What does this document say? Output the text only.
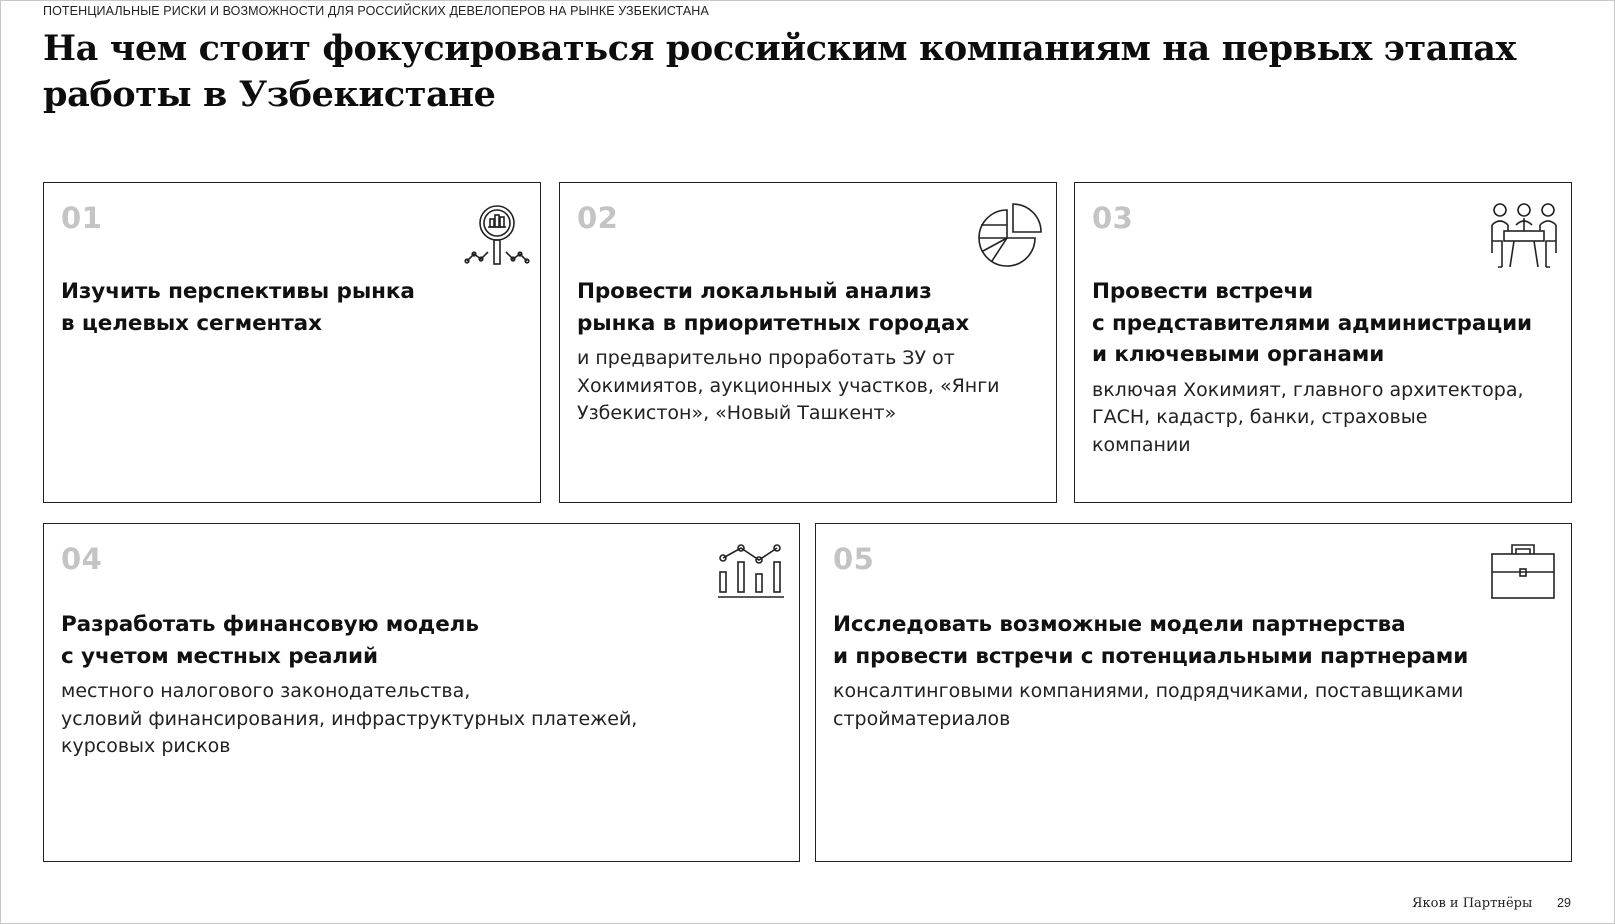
ПОТЕНЦИАЛЬНЫЕ РИСКИ И ВОЗМОЖНОСТИ ДЛЯ РОССИЙСКИХ ДЕВЕЛОПЕРОВ НА РЫНКЕ УЗБЕКИСТАНА
На чем стоит фокусироваться российским компаниям на первых этапах работы в Узбекистане
01

Изучить перспективы рынка
в целевых сегментах

02

Провести локальный анализ
рынка в приоритетных городах

и предварительно проработать ЗУ от
Хокимиятов, аукционных участков, «Янги
Узбекистон», «Новый Ташкент»

03

Провести встречи
с представителями администрации
и ключевыми органами

включая Хокимият, главного архитектора,
ГАСН, кадастр, банки, страховые
компании

04

Разработать финансовую модель
с учетом местных реалий

местного налогового законодательства,
условий финансирования, инфраструктурных платежей,
курсовых рисков

05

Исследовать возможные модели партнерства
и провести встречи с потенциальными партнерами

консалтинговыми компаниями, подрядчиками, поставщиками
стройматериалов

Яков и Партнёры 29
